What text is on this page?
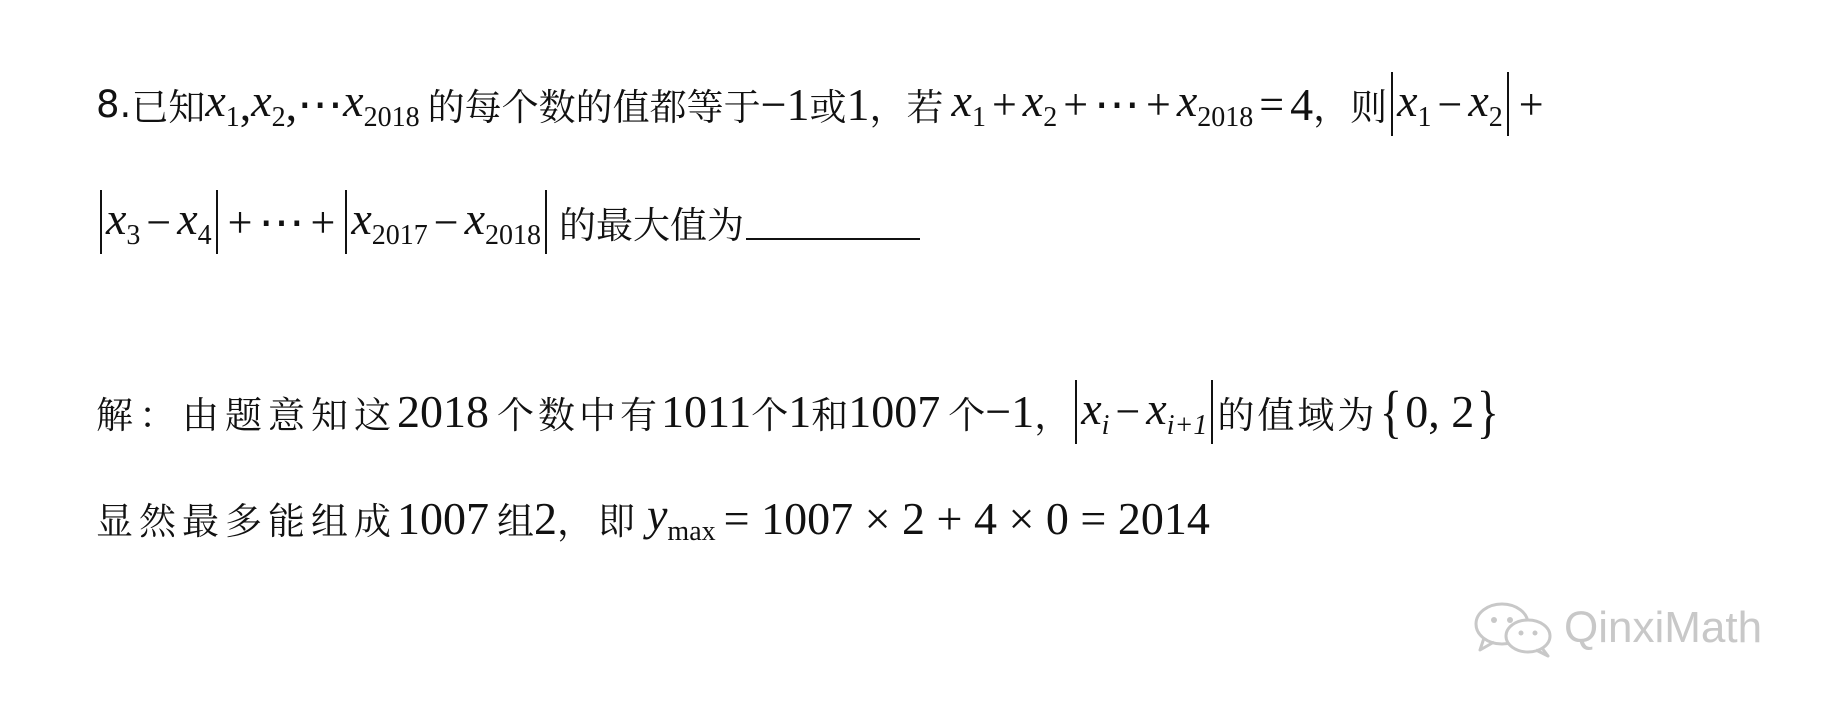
8. 已知 $x_1$ , $x_2$ , ⋯ $x_{2018}$ 的每个数的值都等于 −1 或 1 ，若 $x_1 + x_2$ + ⋯ + $x_{2018} = 4$ ，则 $x_1 - x_2$ +
$x_3 - x_4$ + ⋯ + $x_{2017} - x_{2018}$ 的最大值为
解：由题意知这 2018 个数中有 1011 个 1 和 1007 个 −1 ， $x_i - x_{i+1}$ 的值域为 { 0, 2 }
显然最多能组成 1007 组 2 ，即 $y_{max} = 1007 \times 2 + 4 \times 0 = 2014$
QinxiMath
